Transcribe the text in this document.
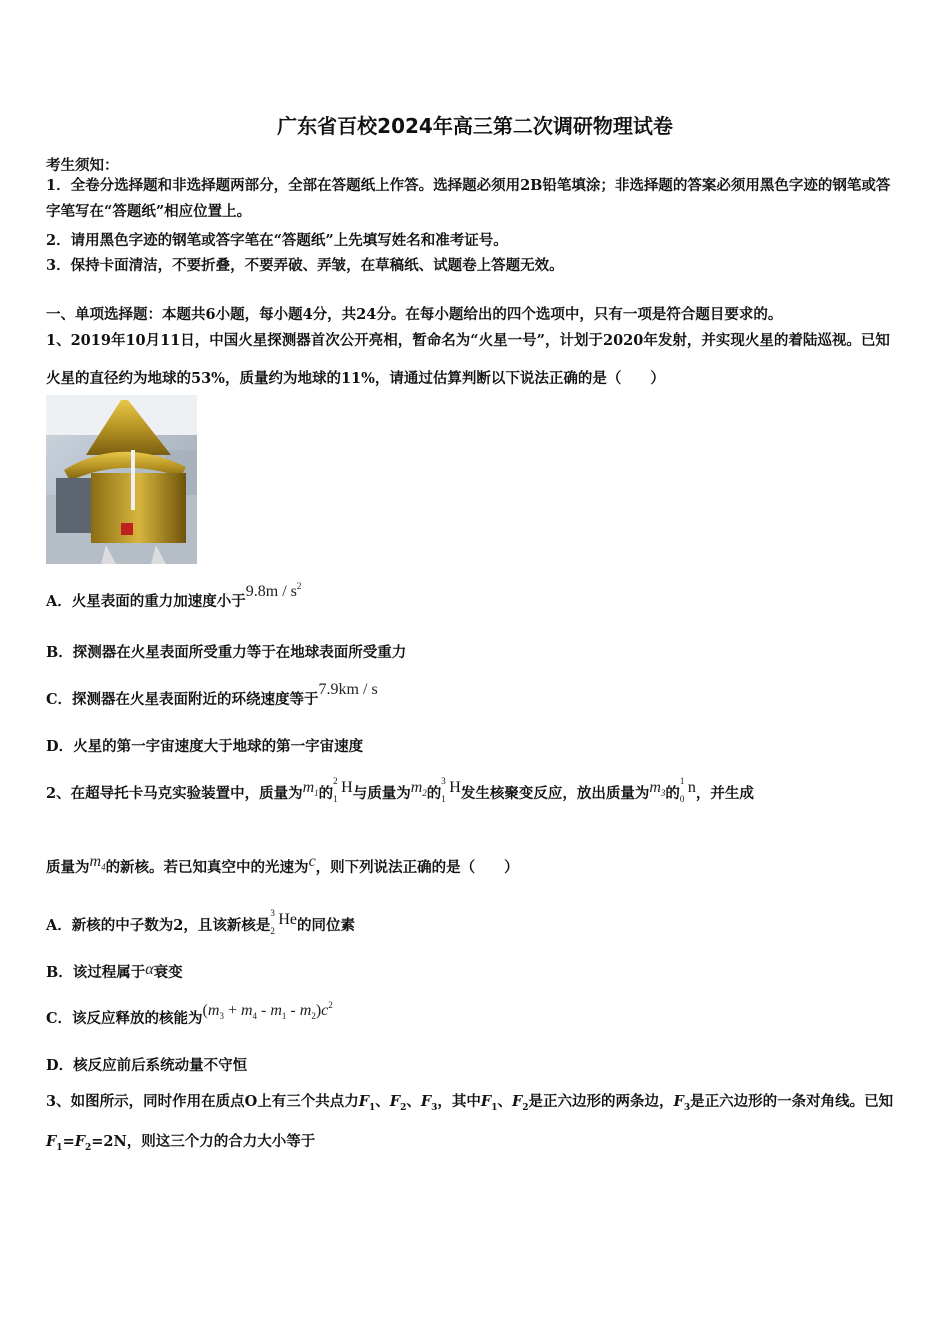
广东省百校2024年高三第二次调研物理试卷
考生须知：
1．全卷分选择题和非选择题两部分，全部在答题纸上作答。选择题必须用2B铅笔填涂；非选择题的答案必须用黑色字迹的钢笔或答字笔写在“答题纸”相应位置上。
2．请用黑色字迹的钢笔或答字笔在“答题纸”上先填写姓名和准考证号。
3．保持卡面清洁，不要折叠，不要弄破、弄皱，在草稿纸、试题卷上答题无效。
一、单项选择题：本题共6小题，每小题4分，共24分。在每小题给出的四个选项中，只有一项是符合题目要求的。
1、2019年10月11日，中国火星探测器首次公开亮相，暂命名为“火星一号”，计划于2020年发射，并实现火星的着陆巡视。已知火星的直径约为地球的53%，质量约为地球的11%，请通过估算判断以下说法正确的是（　　）
A．火星表面的重力加速度小于$9.8m / s^2$
B．探测器在火星表面所受重力等于在地球表面所受重力
C．探测器在火星表面附近的环绕速度等于7.9km / s
D．火星的第一宇宙速度大于地球的第一宇宙速度
2、在超导托卡马克实验装置中，质量为$m_1$的
2
1
H与质量为$m_2$的
3
1
H发生核聚变反应，放出质量为$m_3$的
1
0
n，并生成
质量为$m_4$的新核。若已知真空中的光速为c，则下列说法正确的是（　　）
A．新核的中子数为2，且该新核是
3
2
He的同位素
B．该过程属于α衰变
C．该反应释放的核能为$(m_3 + m_4 - m_1 - m_2)c^2$
D．核反应前后系统动量不守恒
3、如图所示，同时作用在质点O上有三个共点力$F_1$、$F_2$、$F_3$，其中$F_1$、$F_2$是正六边形的两条边，$F_3$是正六边形的一条对角线。已知$F_1=F_2=2N$，则这三个力的合力大小等于
